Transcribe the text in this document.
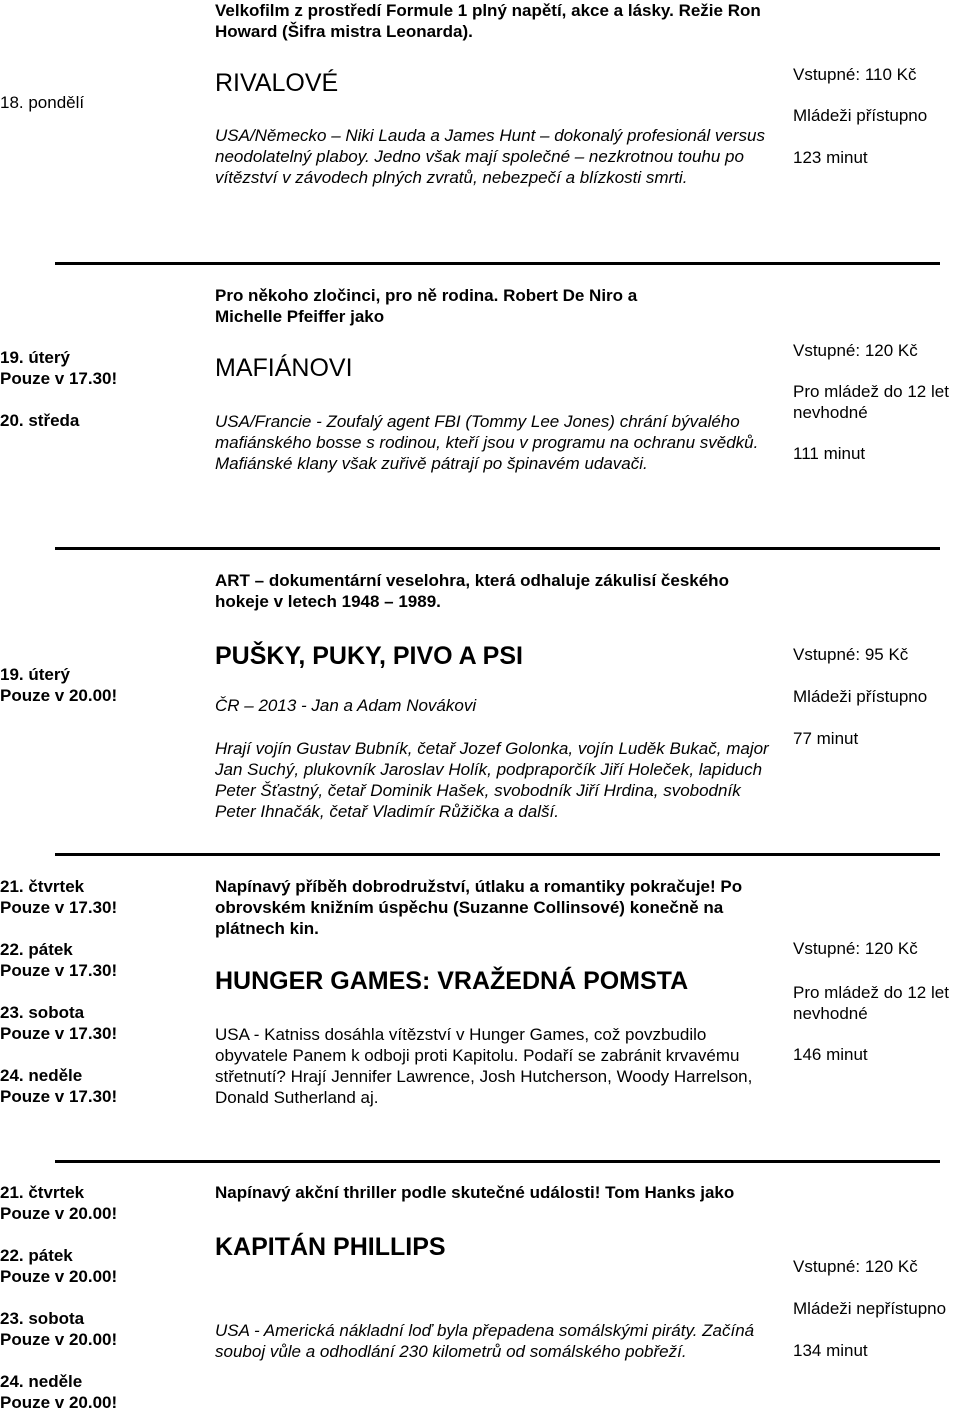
Velkofilm z prostředí Formule 1 plný napětí, akce a lásky. Režie Ron Howard (Šifra mistra Leonarda).
18. pondělí
RIVALOVÉ
USA/Německo – Niki Lauda a James Hunt – dokonalý profesionál versus neodolatelný plaboy. Jedno však mají společné – nezkrotnou touhu po vítězství v závodech plných zvratů, nebezpečí a blízkosti smrti.
Vstupné: 110 Kč
Mládeži přístupno
123 minut
Pro někoho zločinci, pro ně rodina. Robert De Niro a Michelle Pfeiffer jako
19. úterý
Pouze v 17.30!
20. středa
MAFIÁNOVI
USA/Francie - Zoufalý agent FBI (Tommy Lee Jones) chrání bývalého mafiánského bosse s rodinou, kteří jsou v programu na ochranu svědků. Mafiánské klany však zuřivě pátrají po špinavém udavači.
Vstupné: 120 Kč
Pro mládež do 12 let nevhodné
111 minut
ART – dokumentární veselohra, která odhaluje zákulisí českého hokeje v letech 1948 – 1989.
19. úterý
Pouze v 20.00!
PUŠKY, PUKY, PIVO A PSI
ČR – 2013 - Jan a Adam Novákovi
Hrají vojín Gustav Bubník, četař Jozef Golonka, vojín Luděk Bukač, major Jan Suchý, plukovník Jaroslav Holík, podpraporčík Jiří Holeček, lapiduch Peter Šťastný, četař Dominik Hašek, svobodník Jiří Hrdina, svobodník Peter Ihnačák, četař Vladimír Růžička a další.
Vstupné: 95 Kč
Mládeži přístupno
77 minut
21. čtvrtek
Pouze v 17.30!
22. pátek
Pouze v 17.30!
23. sobota
Pouze v 17.30!
24. neděle
Pouze v 17.30!
Napínavý příběh dobrodružství, útlaku a romantiky pokračuje! Po obrovském knižním úspěchu (Suzanne Collinsové) konečně na plátnech kin.
HUNGER GAMES: VRAŽEDNÁ POMSTA
USA - Katniss dosáhla vítězství v Hunger Games, což povzbudilo obyvatele Panem k odboji proti Kapitolu. Podaří se zabránit krvavému střetnutí? Hrají Jennifer Lawrence, Josh Hutcherson, Woody Harrelson, Donald Sutherland aj.
Vstupné: 120 Kč
Pro mládež do 12 let nevhodné
146 minut
21. čtvrtek
Pouze v 20.00!
22. pátek
Pouze v 20.00!
23. sobota
Pouze v 20.00!
24. neděle
Pouze v 20.00!
Napínavý akční thriller podle skutečné události! Tom Hanks jako
KAPITÁN PHILLIPS
USA - Americká nákladní loď byla přepadena somálskými piráty. Začíná souboj vůle a odhodlání 230 kilometrů od somálského pobřeží.
Vstupné: 120 Kč
Mládeži nepřístupno
134 minut
